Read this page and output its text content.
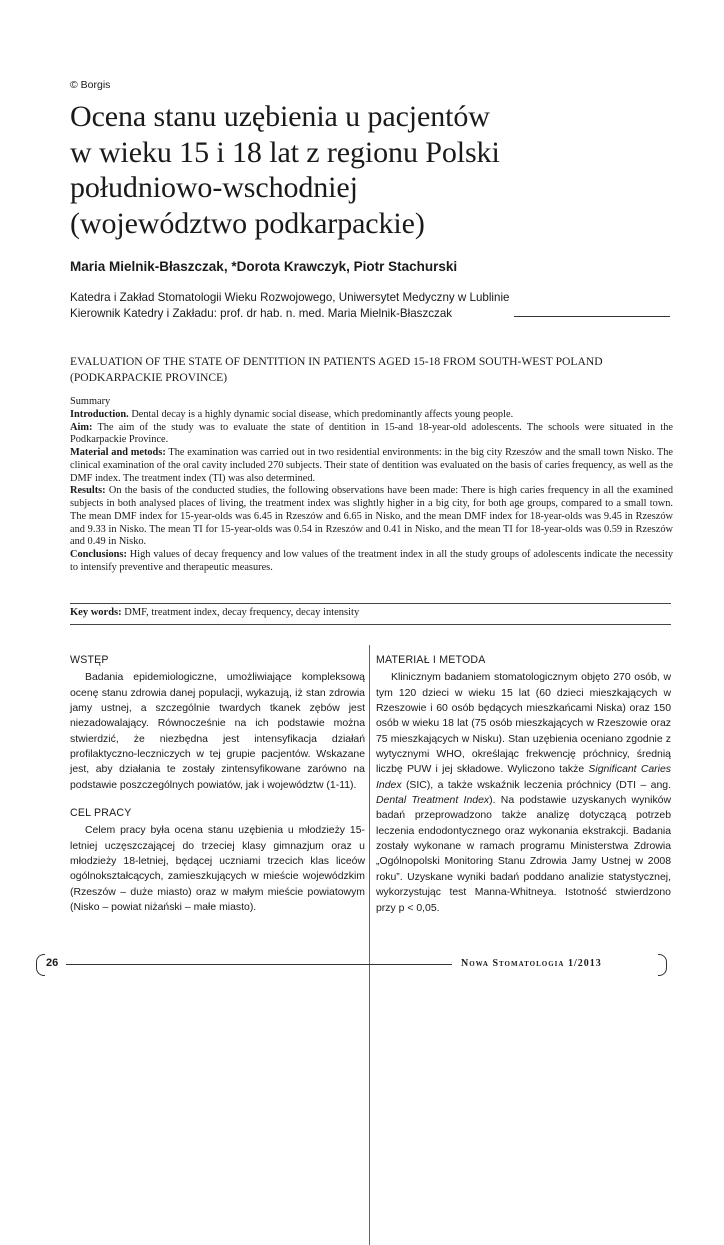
© Borgis
Ocena stanu uzębienia u pacjentów
w wieku 15 i 18 lat z regionu Polski
południowo-wschodniej
(województwo podkarpackie)
Maria Mielnik-Błaszczak, *Dorota Krawczyk, Piotr Stachurski
Katedra i Zakład Stomatologii Wieku Rozwojowego, Uniwersytet Medyczny w Lublinie
Kierownik Katedry i Zakładu: prof. dr hab. n. med. Maria Mielnik-Błaszczak
EVALUATION OF THE STATE OF DENTITION IN PATIENTS AGED 15-18 FROM SOUTH-WEST POLAND
(PODKARPACKIE PROVINCE)

Summary

Introduction. Dental decay is a highly dynamic social disease, which predominantly affects young people.

Aim: The aim of the study was to evaluate the state of dentition in 15-and 18-year-old adolescents. The schools were situated in the Podkarpackie Province.

Material and metods: The examination was carried out in two residential environments: in the big city Rzeszów and the small town Nisko. The clinical examination of the oral cavity included 270 subjects. Their state of dentition was evaluated on the basis of caries frequency, as well as the DMF index. The treatment index (TI) was also determined.

Results: On the basis of the conducted studies, the following observations have been made: There is high caries frequency in all the examined subjects in both analysed places of living, the treatment index was slightly higher in a big city, for both age groups, compared to a small town. The mean DMF index for 15-year-olds was 6.45 in Rzeszów and 6.65 in Nisko, and the mean DMF index for 18-year-olds was 9.45 in Rzeszów and 9.33 in Nisko. The mean TI for 15-year-olds was 0.54 in Rzeszów and 0.41 in Nisko, and the mean TI for 18-year-olds was 0.59 in Rzeszów and 0.49 in Nisko.

Conclusions: High values of decay frequency and low values of the treatment index in all the study groups of adolescents indicate the necessity to intensify preventive and therapeutic measures.

Key words: DMF, treatment index, decay frequency, decay intensity
WSTĘP

Badania epidemiologiczne, umożliwiające kompleksową ocenę stanu zdrowia danej populacji, wykazują, iż stan zdrowia jamy ustnej, a szczególnie twardych tkanek zębów jest niezadowalający. Równocześnie na ich podstawie można stwierdzić, że niezbędna jest intensyfikacja działań profilaktyczno-leczniczych w tej grupie pacjentów. Wskazane jest, aby działania te zostały zintensyfikowane zarówno na podstawie poszczególnych powiatów, jak i województw (1-11).

CEL PRACY

Celem pracy była ocena stanu uzębienia u młodzieży 15-letniej uczęszczającej do trzeciej klasy gimnazjum oraz u młodzieży 18-letniej, będącej uczniami trzecich klas liceów ogólnokształcących, zamieszkujących w mieście wojewódzkim (Rzeszów – duże miasto) oraz w małym mieście powiatowym (Nisko – powiat niżański – małe miasto).

MATERIAŁ I METODA

Klinicznym badaniem stomatologicznym objęto 270 osób, w tym 120 dzieci w wieku 15 lat (60 dzieci mieszkających w Rzeszowie i 60 osób będących mieszkańcami Niska) oraz 150 osób w wieku 18 lat (75 osób mieszkających w Rzeszowie oraz 75 mieszkających w Nisku). Stan uzębienia oceniano zgodnie z wytycznymi WHO, określając frekwencję próchnicy, średnią liczbę PUW i jej składowe. Wyliczono także Significant Caries Index (SIC), a także wskaźnik leczenia próchnicy (DTI – ang. Dental Treatment Index). Na podstawie uzyskanych wyników badań przeprowadzono także analizę dotyczącą potrzeb leczenia endodontycznego oraz wykonania ekstrakcji. Badania zostały wykonane w ramach programu Ministerstwa Zdrowia „Ogólnopolski Monitoring Stanu Zdrowia Jamy Ustnej w 2008 roku”. Uzyskane wyniki badań poddano analizie statystycznej, wykorzystując test Manna-Whitneya. Istotność stwierdzono przy p < 0,05.

26	Nowa Stomatologia 1/2013
